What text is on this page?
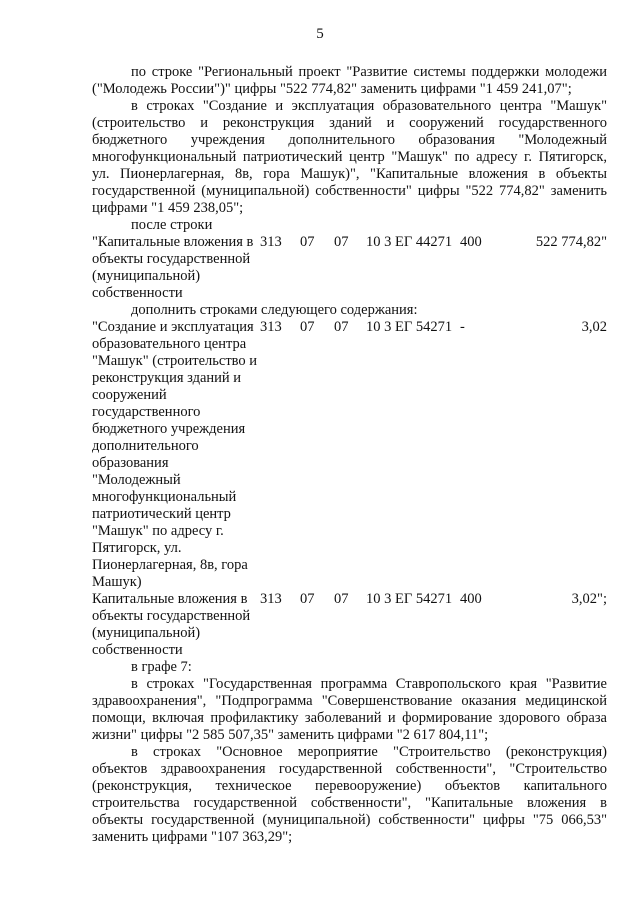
5
по строке "Региональный проект "Развитие системы поддержки молодежи ("Молодежь России")" цифры "522 774,82" заменить цифрами "1 459 241,07";
в строках "Создание и эксплуатация образовательного центра "Машук" (строительство и реконструкция зданий и сооружений государственного бюджетного учреждения дополнительного образования "Молодежный многофункциональный патриотический центр "Машук" по адресу г. Пятигорск, ул. Пионерлагерная, 8в, гора Машук)", "Капитальные вложения в объекты государственной (муниципальной) собственности" цифры "522 774,82" заменить цифрами "1 459 238,05";
после строки
"Капитальные вложения в объекты государственной (муниципальной) собственности
313	07	07	10 3 ЕГ 44271 400	522 774,82"
дополнить строками следующего содержания:
"Создание и эксплуатация образовательного центра "Машук" (строительство и реконструкция зданий и сооружений государственного бюджетного учреждения дополнительного образования "Молодежный многофункциональный патриотический центр "Машук" по адресу г. Пятигорск, ул. Пионерлагерная, 8в, гора Машук)
313	07	07	10 3 ЕГ 54271 -	3,02
Капитальные вложения в объекты государственной (муниципальной) собственности
313	07	07	10 3 ЕГ 54271 400	3,02";
в графе 7:
в строках "Государственная программа Ставропольского края "Развитие здравоохранения", "Подпрограмма "Совершенствование оказания медицинской помощи, включая профилактику заболеваний и формирование здорового образа жизни" цифры "2 585 507,35" заменить цифрами "2 617 804,11";
в строках "Основное мероприятие "Строительство (реконструкция) объектов здравоохранения государственной собственности", "Строительство (реконструкция, техническое перевооружение) объектов капитального строительства государственной собственности", "Капитальные вложения в объекты государственной (муниципальной) собственности" цифры "75 066,53" заменить цифрами "107 363,29";
